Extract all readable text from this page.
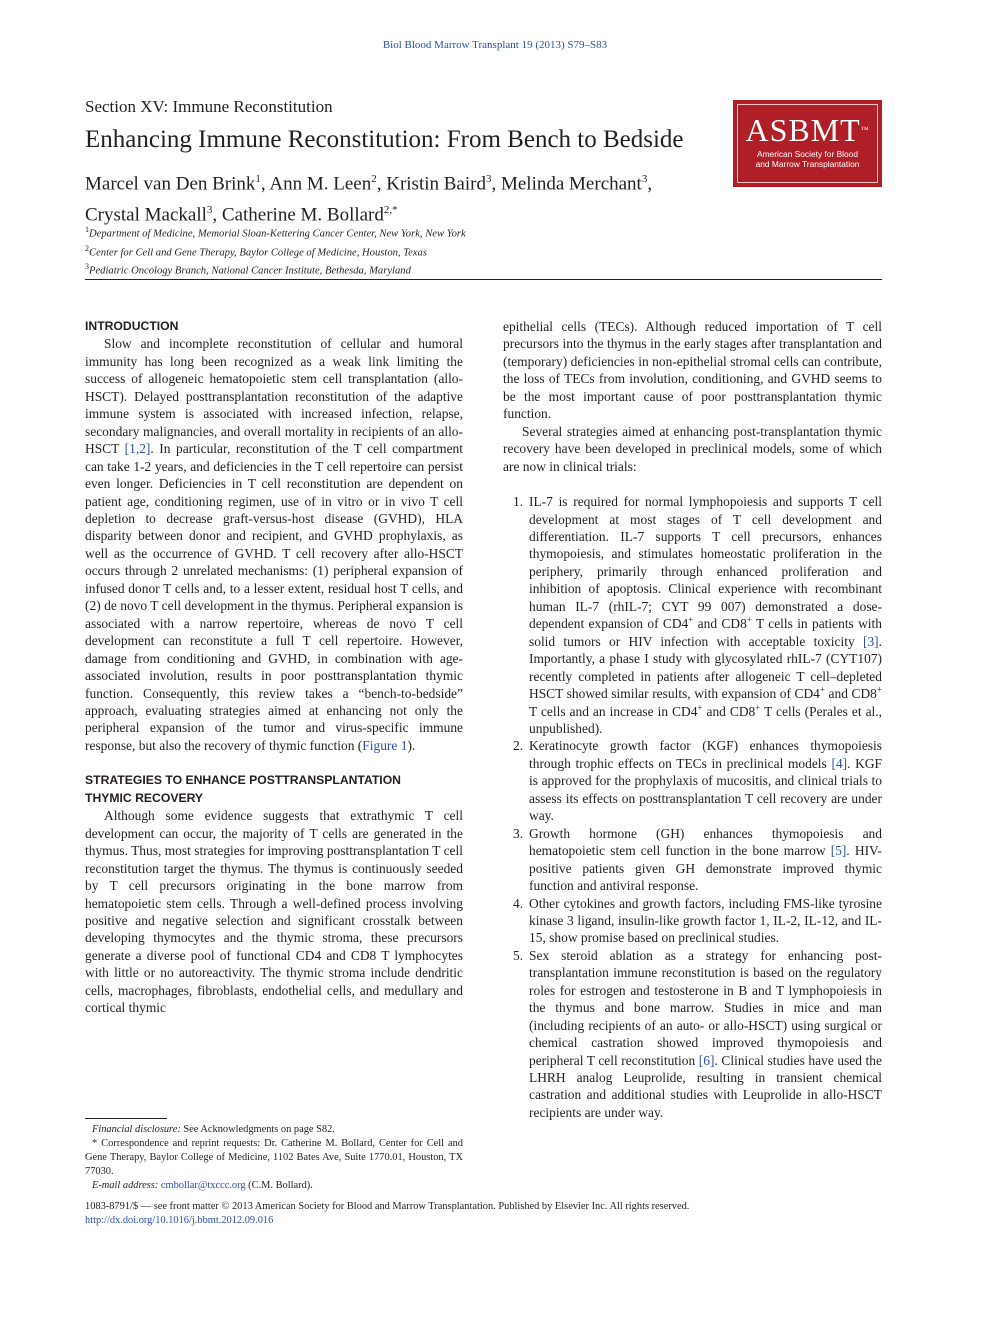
Biol Blood Marrow Transplant 19 (2013) S79–S83
Section XV: Immune Reconstitution
Enhancing Immune Reconstitution: From Bench to Bedside
Marcel van Den Brink$^1$, Ann M. Leen$^2$, Kristin Baird$^3$, Melinda Merchant$^3$,
Crystal Mackall$^3$, Catherine M. Bollard$^{2,*}$
$^1$Department of Medicine, Memorial Sloan-Kettering Cancer Center, New York, New York
$^2$Center for Cell and Gene Therapy, Baylor College of Medicine, Houston, Texas
$^3$Pediatric Oncology Branch, National Cancer Institute, Bethesda, Maryland
ASBMT™
American Society for Blood
and Marrow Transplantation
INTRODUCTION

Slow and incomplete reconstitution of cellular and humoral immunity has long been recognized as a weak link limiting the success of allogeneic hematopoietic stem cell transplantation (allo-HSCT). Delayed posttransplantation reconstitution of the adaptive immune system is associated with increased infection, relapse, secondary malignancies, and overall mortality in recipients of an allo-HSCT [1,2]. In particular, reconstitution of the T cell compartment can take 1-2 years, and deficiencies in the T cell repertoire can persist even longer. Deficiencies in T cell reconstitution are dependent on patient age, conditioning regimen, use of in vitro or in vivo T cell depletion to decrease graft-versus-host disease (GVHD), HLA disparity between donor and recipient, and GVHD prophylaxis, as well as the occurrence of GVHD. T cell recovery after allo-HSCT occurs through 2 unrelated mechanisms: (1) peripheral expansion of infused donor T cells and, to a lesser extent, residual host T cells, and (2) de novo T cell development in the thymus. Peripheral expansion is associated with a narrow repertoire, whereas de novo T cell development can reconstitute a full T cell repertoire. However, damage from conditioning and GVHD, in combination with age-associated involution, results in poor posttransplantation thymic function. Consequently, this review takes a “bench-to-bedside” approach, evaluating strategies aimed at enhancing not only the peripheral expansion of the tumor and virus-specific immune response, but also the recovery of thymic function (Figure 1).

STRATEGIES TO ENHANCE POSTTRANSPLANTATION
THYMIC RECOVERY

Although some evidence suggests that extrathymic T cell development can occur, the majority of T cells are generated in the thymus. Thus, most strategies for improving posttransplantation T cell reconstitution target the thymus. The thymus is continuously seeded by T cell precursors originating in the bone marrow from hematopoietic stem cells. Through a well-defined process involving positive and negative selection and significant crosstalk between developing thymocytes and the thymic stroma, these precursors generate a diverse pool of functional CD4 and CD8 T lymphocytes with little or no autoreactivity. The thymic stroma include dendritic cells, macrophages, fibroblasts, endothelial cells, and medullary and cortical thymic

epithelial cells (TECs). Although reduced importation of T cell precursors into the thymus in the early stages after transplantation and (temporary) deficiencies in non-epithelial stromal cells can contribute, the loss of TECs from involution, conditioning, and GVHD seems to be the most important cause of poor posttransplantation thymic function.

Several strategies aimed at enhancing post-transplantation thymic recovery have been developed in preclinical models, some of which are now in clinical trials:

1. IL-7 is required for normal lymphopoiesis and supports T cell development at most stages of T cell development and differentiation. IL-7 supports T cell precursors, enhances thymopoiesis, and stimulates homeostatic proliferation in the periphery, primarily through enhanced proliferation and inhibition of apoptosis. Clinical experience with recombinant human IL-7 (rhIL-7; CYT 99 007) demonstrated a dose-dependent expansion of CD4+ and CD8+ T cells in patients with solid tumors or HIV infection with acceptable toxicity [3]. Importantly, a phase I study with glycosylated rhIL-7 (CYT107) recently completed in patients after allogeneic T cell–depleted HSCT showed similar results, with expansion of CD4+ and CD8+ T cells and an increase in CD4+ and CD8+ T cells (Perales et al., unpublished).
2. Keratinocyte growth factor (KGF) enhances thymopoiesis through trophic effects on TECs in preclinical models [4]. KGF is approved for the prophylaxis of mucositis, and clinical trials to assess its effects on posttransplantation T cell recovery are under way.
3. Growth hormone (GH) enhances thymopoiesis and hematopoietic stem cell function in the bone marrow [5]. HIV-positive patients given GH demonstrate improved thymic function and antiviral response.
4. Other cytokines and growth factors, including FMS-like tyrosine kinase 3 ligand, insulin-like growth factor 1, IL-2, IL-12, and IL-15, show promise based on preclinical studies.
5. Sex steroid ablation as a strategy for enhancing post-transplantation immune reconstitution is based on the regulatory roles for estrogen and testosterone in B and T lymphopoiesis in the thymus and bone marrow. Studies in mice and man (including recipients of an auto- or allo-HSCT) using surgical or chemical castration showed improved thymopoiesis and peripheral T cell reconstitution [6]. Clinical studies have used the LHRH analog Leuprolide, resulting in transient chemical castration and additional studies with Leuprolide in allo-HSCT recipients are under way.

Financial disclosure: See Acknowledgments on page S82.

* Correspondence and reprint requests: Dr. Catherine M. Bollard, Center for Cell and Gene Therapy, Baylor College of Medicine, 1102 Bates Ave, Suite 1770.01, Houston, TX 77030.

E-mail address: cmbollar@txccc.org (C.M. Bollard).

1083-8791/$ — see front matter © 2013 American Society for Blood and Marrow Transplantation. Published by Elsevier Inc. All rights reserved.
http://dx.doi.org/10.1016/j.bbmt.2012.09.016
